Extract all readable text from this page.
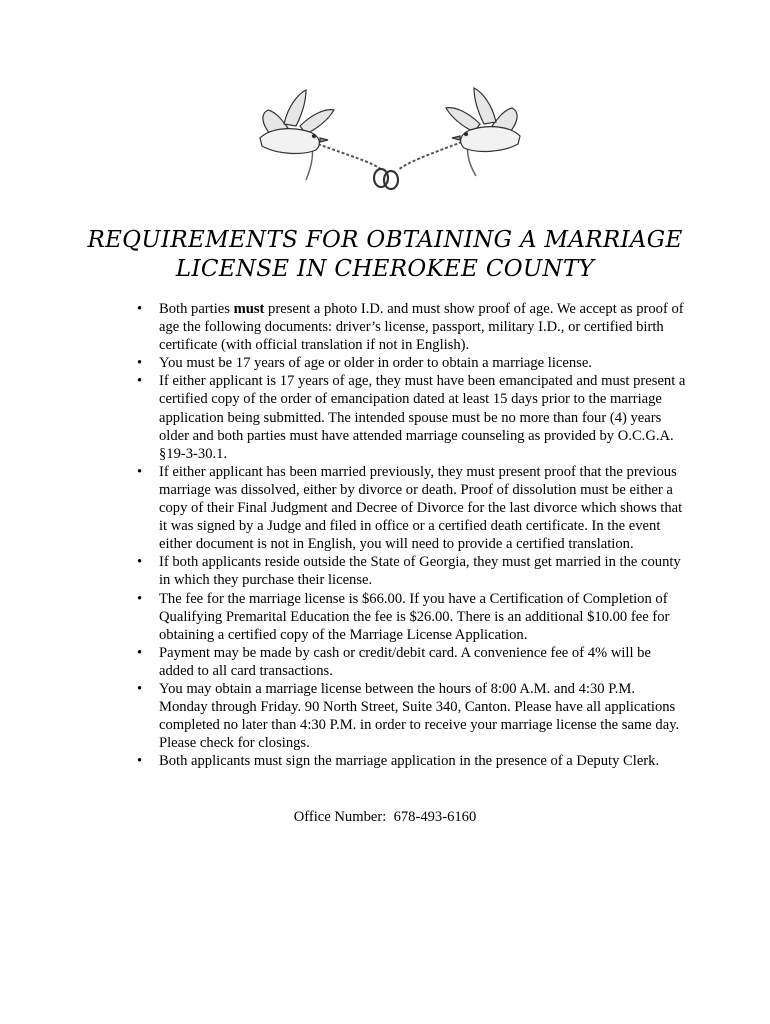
REQUIREMENTS FOR OBTAINING A MARRIAGE
LICENSE IN CHEROKEE COUNTY
• Both parties must present a photo I.D. and must show proof of age. We accept as proof of age the following documents: driver’s license, passport, military I.D., or certified birth certificate (with official translation if not in English).
• You must be 17 years of age or older in order to obtain a marriage license.
• If either applicant is 17 years of age, they must have been emancipated and must present a certified copy of the order of emancipation dated at least 15 days prior to the marriage application being submitted. The intended spouse must be no more than four (4) years older and both parties must have attended marriage counseling as provided by O.C.G.A. §19-3-30.1.
• If either applicant has been married previously, they must present proof that the previous marriage was dissolved, either by divorce or death. Proof of dissolution must be either a copy of their Final Judgment and Decree of Divorce for the last divorce which shows that it was signed by a Judge and filed in office or a certified death certificate. In the event either document is not in English, you will need to provide a certified translation.
• If both applicants reside outside the State of Georgia, they must get married in the county in which they purchase their license.
• The fee for the marriage license is $66.00. If you have a Certification of Completion of Qualifying Premarital Education the fee is $26.00. There is an additional $10.00 fee for obtaining a certified copy of the Marriage License Application.
• Payment may be made by cash or credit/debit card. A convenience fee of 4% will be added to all card transactions.
• You may obtain a marriage license between the hours of 8:00 A.M. and 4:30 P.M. Monday through Friday. 90 North Street, Suite 340, Canton. Please have all applications completed no later than 4:30 P.M. in order to receive your marriage license the same day. Please check for closings.
• Both applicants must sign the marriage application in the presence of a Deputy Clerk.
Office Number: 678-493-6160
